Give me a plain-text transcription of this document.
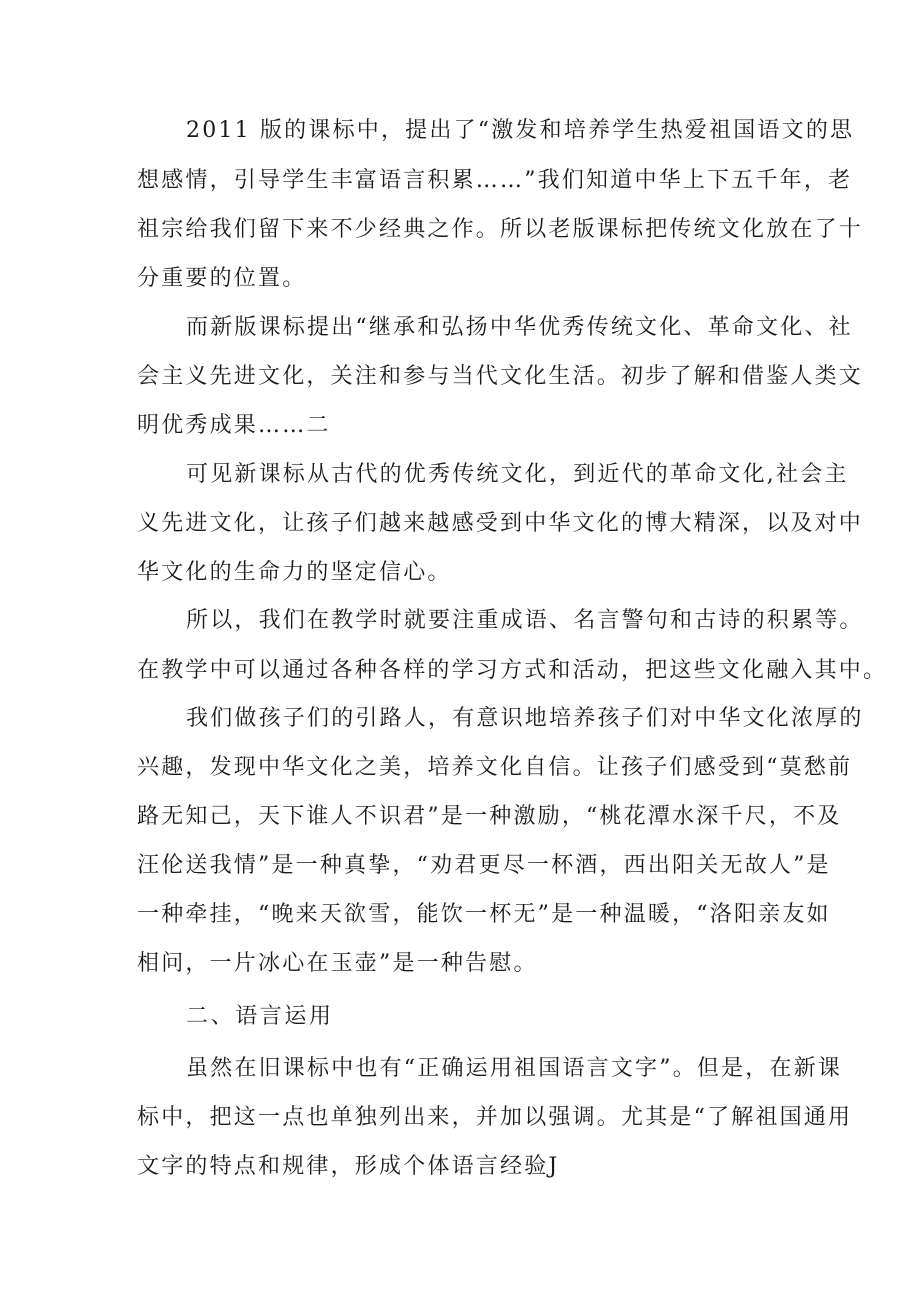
2011 版的课标中，提出了“激发和培养学生热爱祖国语文的思
想感情，引导学生丰富语言积累……”我们知道中华上下五千年，老
祖宗给我们留下来不少经典之作。所以老版课标把传统文化放在了十
分重要的位置。
而新版课标提出“继承和弘扬中华优秀传统文化、革命文化、社
会主义先进文化，关注和参与当代文化生活。初步了解和借鉴人类文
明优秀成果……二
可见新课标从古代的优秀传统文化，到近代的革命文化,社会主
义先进文化，让孩子们越来越感受到中华文化的博大精深，以及对中
华文化的生命力的坚定信心。
所以，我们在教学时就要注重成语、名言警句和古诗的积累等。
在教学中可以通过各种各样的学习方式和活动，把这些文化融入其中。
我们做孩子们的引路人，有意识地培养孩子们对中华文化浓厚的
兴趣，发现中华文化之美，培养文化自信。让孩子们感受到“莫愁前
路无知己，天下谁人不识君”是一种激励，“桃花潭水深千尺，不及
汪伦送我情”是一种真挚，“劝君更尽一杯酒，西出阳关无故人”是
一种牵挂，“晚来天欲雪，能饮一杯无”是一种温暖，“洛阳亲友如
相问，一片冰心在玉壶”是一种告慰。
二、语言运用
虽然在旧课标中也有“正确运用祖国语言文字”。但是，在新课
标中，把这一点也单独列出来，并加以强调。尤其是“了解祖国通用
文字的特点和规律，形成个体语言经验J
